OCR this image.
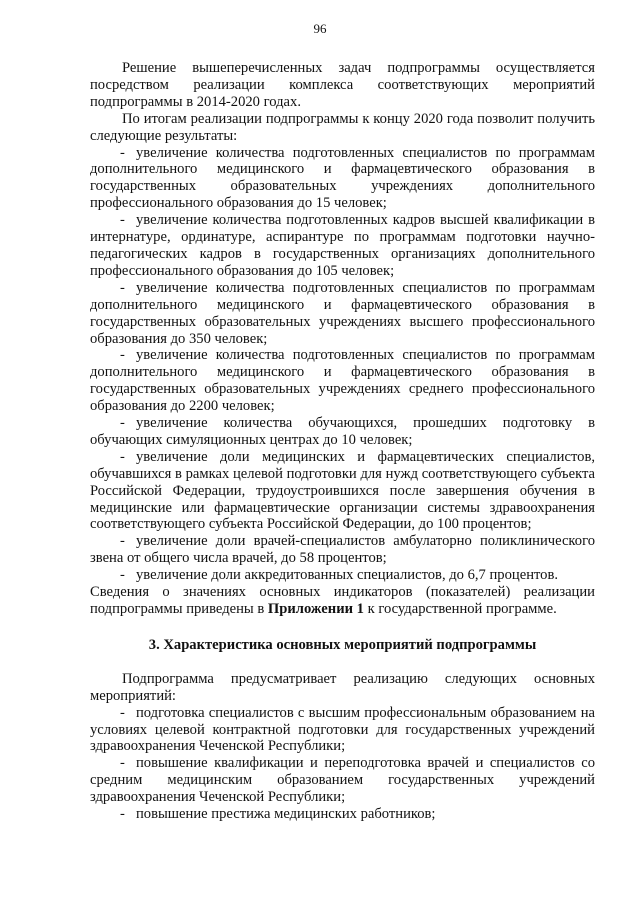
96

Решение вышеперечисленных задач подпрограммы осуществляется посредством реализации комплекса соответствующих мероприятий подпрограммы в 2014-2020 годах.

По итогам реализации подпрограммы к концу 2020 года позволит получить следующие результаты:

- увеличение количества подготовленных специалистов по программам дополнительного медицинского и фармацевтического образования в государственных образовательных учреждениях дополнительного профессионального образования до 15 человек;

- увеличение количества подготовленных кадров высшей квалификации в интернатуре, ординатуре, аспирантуре по программам подготовки научно-педагогических кадров в государственных организациях дополнительного профессионального образования до 105 человек;

- увеличение количества подготовленных специалистов по программам дополнительного медицинского и фармацевтического образования в государственных образовательных учреждениях высшего профессионального образования до 350 человек;

- увеличение количества подготовленных специалистов по программам дополнительного медицинского и фармацевтического образования в государственных образовательных учреждениях среднего профессионального образования до 2200 человек;

- увеличение количества обучающихся, прошедших подготовку в обучающих симуляционных центрах до 10 человек;

- увеличение доли медицинских и фармацевтических специалистов, обучавшихся в рамках целевой подготовки для нужд соответствующего субъекта Российской Федерации, трудоустроившихся после завершения обучения в медицинские или фармацевтические организации системы здравоохранения соответствующего субъекта Российской Федерации, до 100 процентов;

- увеличение доли врачей-специалистов амбулаторно поликлинического звена от общего числа врачей, до 58 процентов;

- увеличение доли аккредитованных специалистов, до 6,7 процентов.

Сведения о значениях основных индикаторов (показателей) реализации подпрограммы приведены в Приложении 1 к государственной программе.

3. Характеристика основных мероприятий подпрограммы

Подпрограмма предусматривает реализацию следующих основных мероприятий:

- подготовка специалистов с высшим профессиональным образованием на условиях целевой контрактной подготовки для государственных учреждений здравоохранения Чеченской Республики;

- повышение квалификации и переподготовка врачей и специалистов со средним медицинским образованием государственных учреждений здравоохранения Чеченской Республики;

- повышение престижа медицинских работников;
